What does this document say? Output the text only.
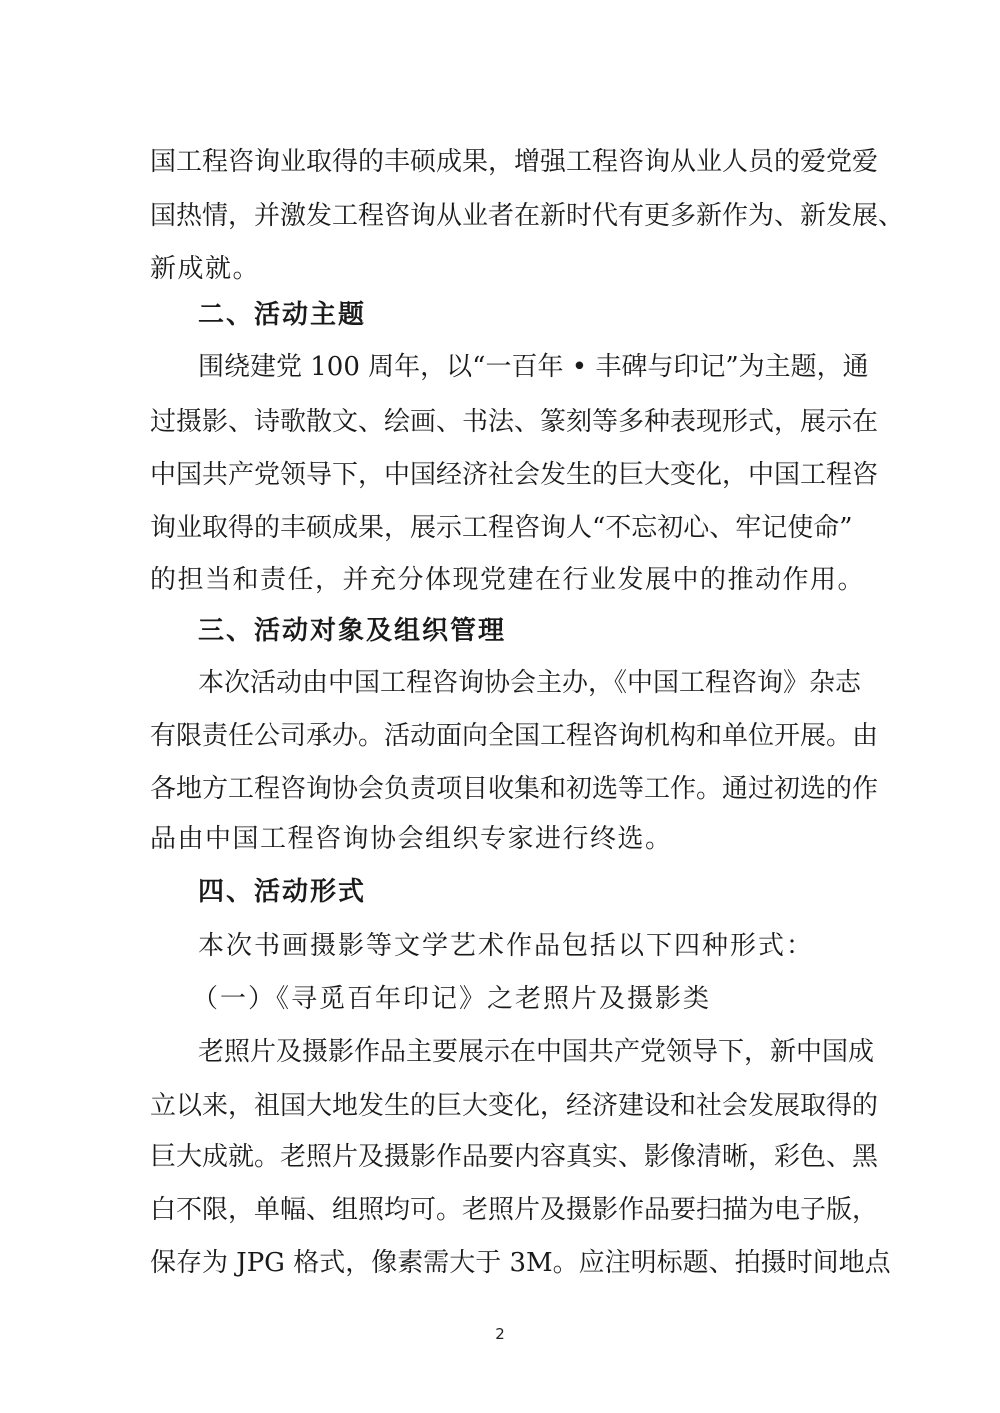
国工程咨询业取得的丰硕成果，增强工程咨询从业人员的爱党爱
国热情，并激发工程咨询从业者在新时代有更多新作为、新发展、
新成就。
二、活动主题
围绕建党 100 周年，以“一百年 • 丰碑与印记”为主题，通
过摄影、诗歌散文、绘画、书法、篆刻等多种表现形式，展示在
中国共产党领导下，中国经济社会发生的巨大变化，中国工程咨
询业取得的丰硕成果，展示工程咨询人“不忘初心、牢记使命”
的担当和责任，并充分体现党建在行业发展中的推动作用。
三、活动对象及组织管理
本次活动由中国工程咨询协会主办，《中国工程咨询》杂志
有限责任公司承办。活动面向全国工程咨询机构和单位开展。由
各地方工程咨询协会负责项目收集和初选等工作。通过初选的作
品由中国工程咨询协会组织专家进行终选。
四、活动形式
本次书画摄影等文学艺术作品包括以下四种形式：
（一）《寻觅百年印记》之老照片及摄影类
老照片及摄影作品主要展示在中国共产党领导下，新中国成
立以来，祖国大地发生的巨大变化，经济建设和社会发展取得的
巨大成就。老照片及摄影作品要内容真实、影像清晰，彩色、黑
白不限，单幅、组照均可。老照片及摄影作品要扫描为电子版，
保存为 JPG 格式，像素需大于 3M。应注明标题、拍摄时间地点
2
